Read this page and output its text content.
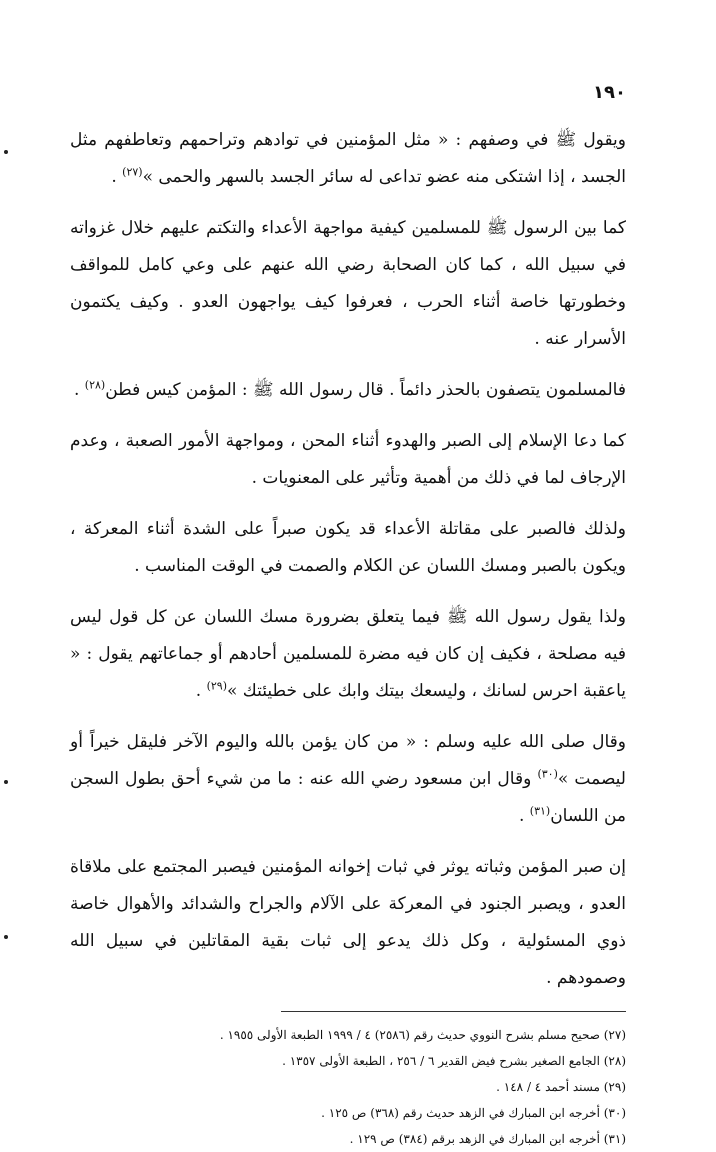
١٩٠

ويقول ﷺ في وصفهم : « مثل المؤمنين في توادهم وتراحمهم وتعاطفهم مثل الجسد ، إذا اشتكى منه عضو تداعى له سائر الجسد بالسهر والحمى »$^{(٢٧)}$ .

كما بين الرسول ﷺ للمسلمين كيفية مواجهة الأعداء والتكتم عليهم خلال غزواته في سبيل الله ، كما كان الصحابة رضي الله عنهم على وعي كامل للمواقف وخطورتها خاصة أثناء الحرب ، فعرفوا كيف يواجهون العدو . وكيف يكتمون الأسرار عنه .

فالمسلمون يتصفون بالحذر دائماً . قال رسول الله ﷺ : المؤمن كيس فطن$^{(٢٨)}$ .

كما دعا الإسلام إلى الصبر والهدوء أثناء المحن ، ومواجهة الأمور الصعبة ، وعدم الإرجاف لما في ذلك من أهمية وتأثير على المعنويات .

ولذلك فالصبر على مقاتلة الأعداء قد يكون صبراً على الشدة أثناء المعركة ، ويكون بالصبر ومسك اللسان عن الكلام والصمت في الوقت المناسب .

ولذا يقول رسول الله ﷺ فيما يتعلق بضرورة مسك اللسان عن كل قول ليس فيه مصلحة ، فكيف إن كان فيه مضرة للمسلمين أحادهم أو جماعاتهم يقول : « ياعقبة احرس لسانك ، وليسعك بيتك وابك على خطيئتك »$^{(٢٩)}$ .

وقال صلى الله عليه وسلم : « من كان يؤمن بالله واليوم الآخر فليقل خيراً أو ليصمت »$^{(٣٠)}$ وقال ابن مسعود رضي الله عنه : ما من شيء أحق بطول السجن من اللسان$^{(٣١)}$ .

إن صبر المؤمن وثباته يوثر في ثبات إخوانه المؤمنين فيصبر المجتمع على ملاقاة العدو ، ويصبر الجنود في المعركة على الآلام والجراح والشدائد والأهوال خاصة ذوي المسئولية ، وكل ذلك يدعو إلى ثبات بقية المقاتلين في سبيل الله وصمودهم .

(٢٧) صحيح مسلم بشرح النووي حديث رقم (٢٥٨٦) ٤ / ١٩٩٩ الطبعة الأولى ١٩٥٥ .
(٢٨) الجامع الصغير بشرح فيض القدير ٦ / ٢٥٦ ، الطبعة الأولى ١٣٥٧ .
(٢٩) مسند أحمد ٤ / ١٤٨ .
(٣٠) أخرجه ابن المبارك في الزهد حديث رقم (٣٦٨) ص ١٢٥ .
(٣١) أخرجه ابن المبارك في الزهد برقم (٣٨٤) ص ١٢٩ .
